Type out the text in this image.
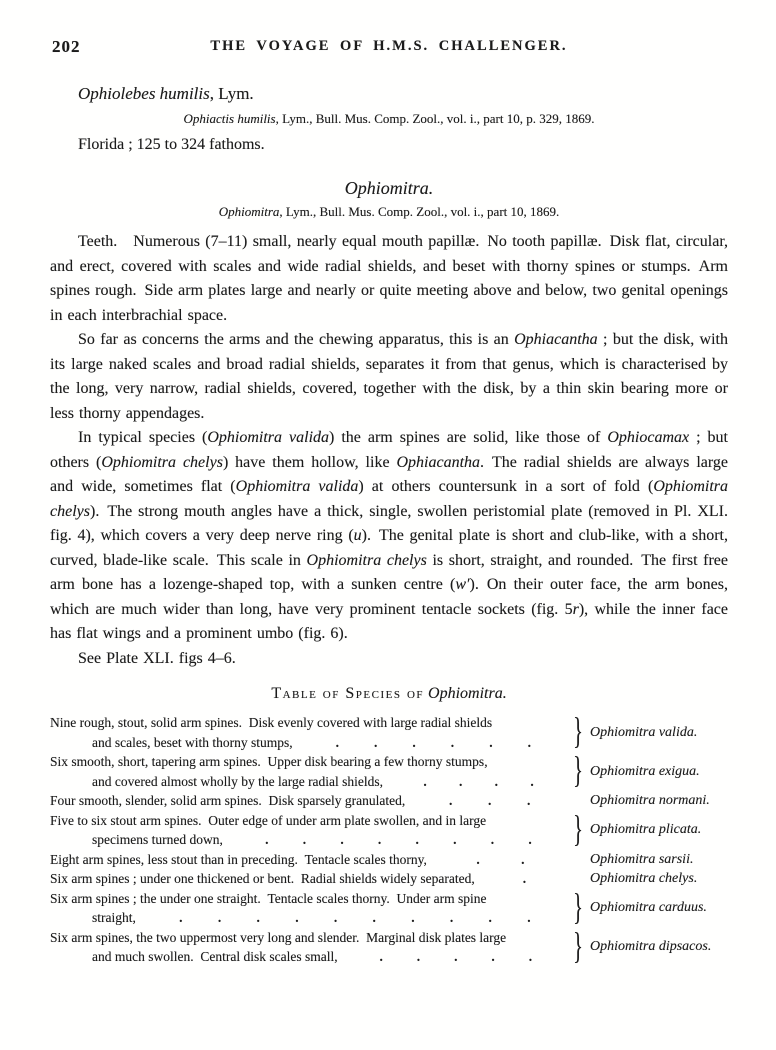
202	THE VOYAGE OF H.M.S. CHALLENGER.

Ophiolebes humilis, Lym.

Ophiactis humilis, Lym., Bull. Mus. Comp. Zool., vol. i., part 10, p. 329, 1869.

Florida ; 125 to 324 fathoms.

Ophiomitra.

Ophiomitra, Lym., Bull. Mus. Comp. Zool., vol. i., part 10, 1869.

Teeth. Numerous (7–11) small, nearly equal mouth papillæ. No tooth papillæ. Disk flat, circular, and erect, covered with scales and wide radial shields, and beset with thorny spines or stumps. Arm spines rough. Side arm plates large and nearly or quite meeting above and below, two genital openings in each interbrachial space.

So far as concerns the arms and the chewing apparatus, this is an Ophiacantha ; but the disk, with its large naked scales and broad radial shields, separates it from that genus, which is characterised by the long, very narrow, radial shields, covered, together with the disk, by a thin skin bearing more or less thorny appendages.

In typical species (Ophiomitra valida) the arm spines are solid, like those of Ophiocamax ; but others (Ophiomitra chelys) have them hollow, like Ophiacantha. The radial shields are always large and wide, sometimes flat (Ophiomitra valida) at others countersunk in a sort of fold (Ophiomitra chelys). The strong mouth angles have a thick, single, swollen peristomial plate (removed in Pl. XLI. fig. 4), which covers a very deep nerve ring (u). The genital plate is short and club-like, with a short, curved, blade-like scale. This scale in Ophiomitra chelys is short, straight, and rounded. The first free arm bone has a lozenge-shaped top, with a sunken centre (w′). On their outer face, the arm bones, which are much wider than long, have very prominent tentacle sockets (fig. 5r), while the inner face has flat wings and a prominent umbo (fig. 6).

See Plate XLI. figs 4–6.

Table of Species of Ophiomitra.
Nine rough, stout, solid arm spines. Disk evenly covered with large radial shields
and scales, beset with thorny stumps,	.	.	.	.	.	. } Ophiomitra valida.
Six smooth, short, tapering arm spines. Upper disk bearing a few thorny stumps,
and covered almost wholly by the large radial shields,	. . . . } Ophiomitra exigua.
Four smooth, slender, solid arm spines. Disk sparsely granulated,	.	.	.	Ophiomitra normani.
Five to six stout arm spines. Outer edge of under arm plate swollen, and in large
specimens turned down,	.	.	.	.	.	.	.	. } Ophiomitra plicata.
Eight arm spines, less stout than in preceding. Tentacle scales thorny,	.	.	Ophiomitra sarsii.
Six arm spines ; under one thickened or bent. Radial shields widely separated,	.	Ophiomitra chelys.
Six arm spines ; the under one straight. Tentacle scales thorny. Under arm spine
straight,	.	.	.	.	.	.	.	.	.	. } Ophiomitra carduus.
Six arm spines, the two uppermost very long and slender. Marginal disk plates large
and much swollen. Central disk scales small,	.	.	.	.	. } Ophiomitra dipsacos.
